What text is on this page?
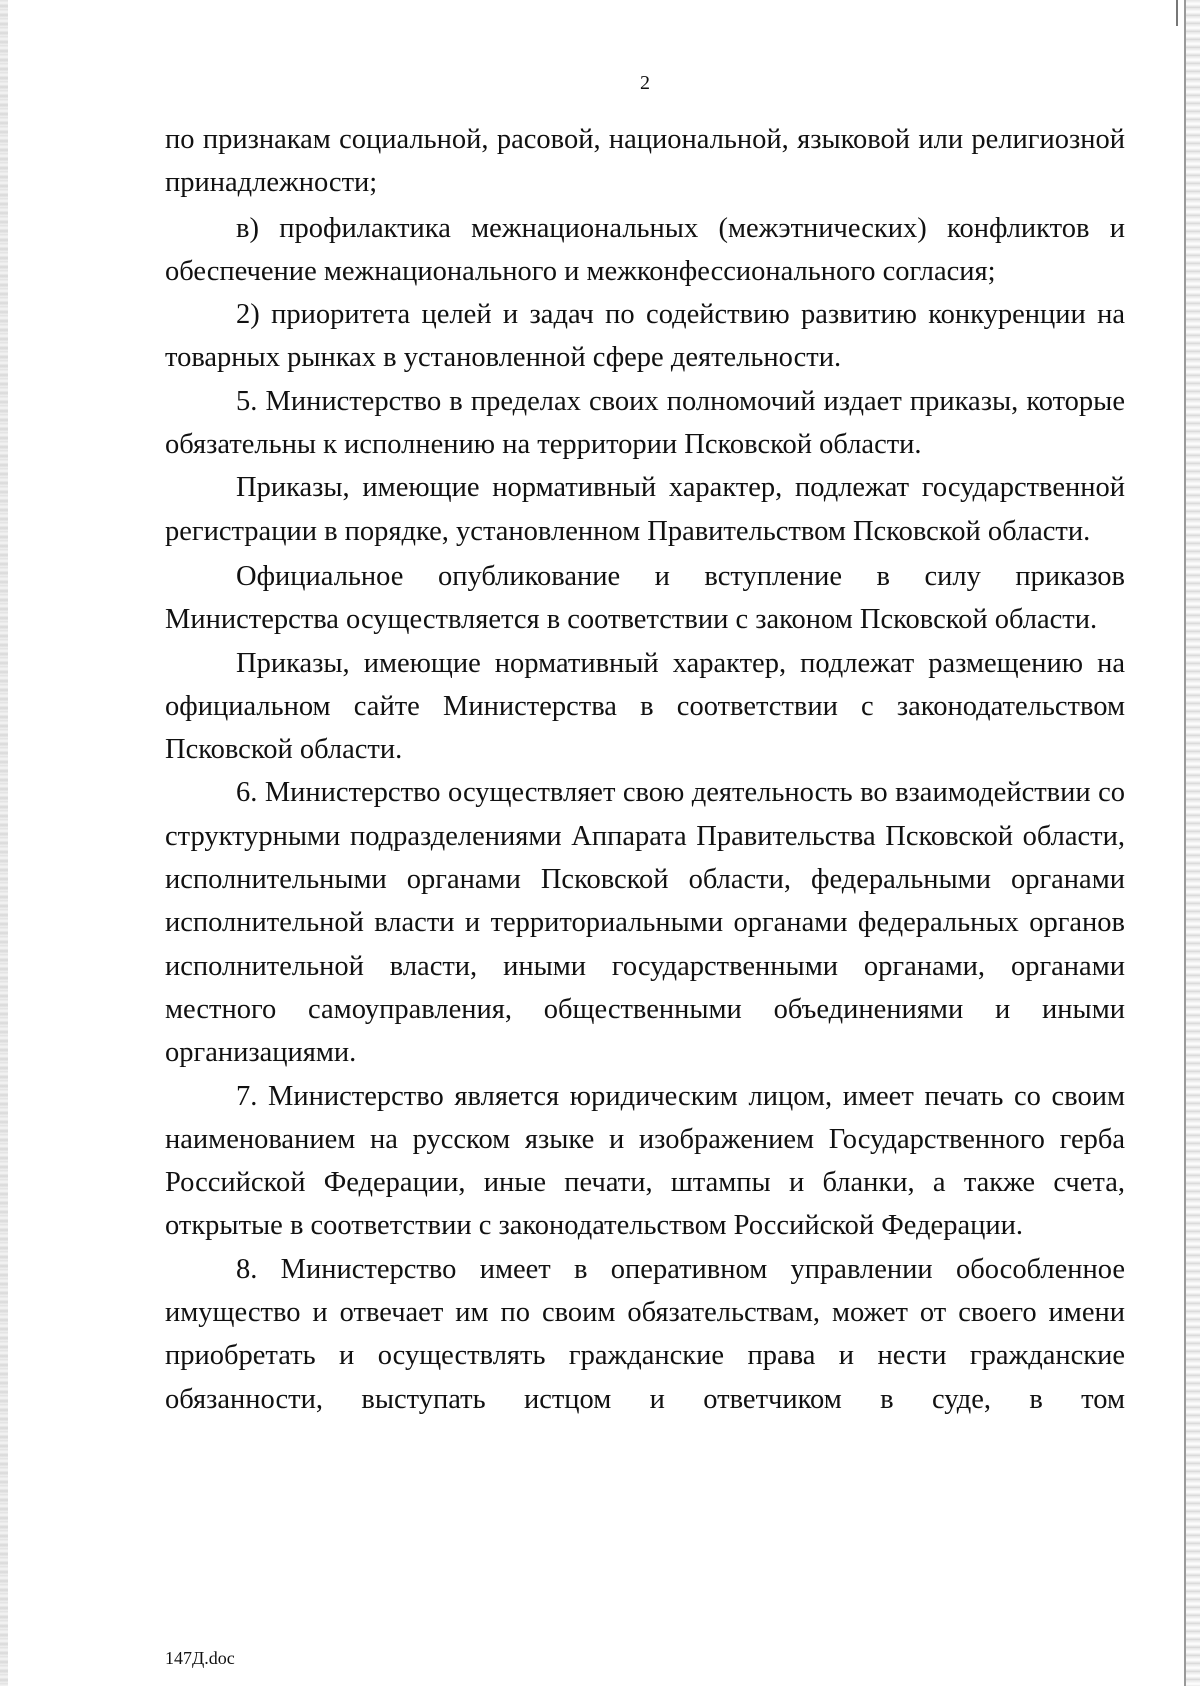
2

по признакам социальной, расовой, национальной, языковой или религиозной принадлежности;

в) профилактика межнациональных (межэтнических) конфликтов и обеспечение межнационального и межконфессионального согласия;

2) приоритета целей и задач по содействию развитию конкуренции на товарных рынках в установленной сфере деятельности.

5. Министерство в пределах своих полномочий издает приказы, которые обязательны к исполнению на территории Псковской области.

Приказы, имеющие нормативный характер, подлежат государственной регистрации в порядке, установленном Правительством Псковской области.

Официальное опубликование и вступление в силу приказов Министерства осуществляется в соответствии с законом Псковской области.

Приказы, имеющие нормативный характер, подлежат размещению на официальном сайте Министерства в соответствии с законодательством Псковской области.

6. Министерство осуществляет свою деятельность во взаимодействии со структурными подразделениями Аппарата Правительства Псковской области, исполнительными органами Псковской области, федеральными органами исполнительной власти и территориальными органами федеральных органов исполнительной власти, иными государственными органами, органами местного самоуправления, общественными объединениями и иными организациями.

7. Министерство является юридическим лицом, имеет печать со своим наименованием на русском языке и изображением Государственного герба Российской Федерации, иные печати, штампы и бланки, а также счета, открытые в соответствии с законодательством Российской Федерации.

8. Министерство имеет в оперативном управлении обособленное имущество и отвечает им по своим обязательствам, может от своего имени приобретать и осуществлять гражданские права и нести гражданские обязанности, выступать истцом и ответчиком в суде, в том

147Д.doc
